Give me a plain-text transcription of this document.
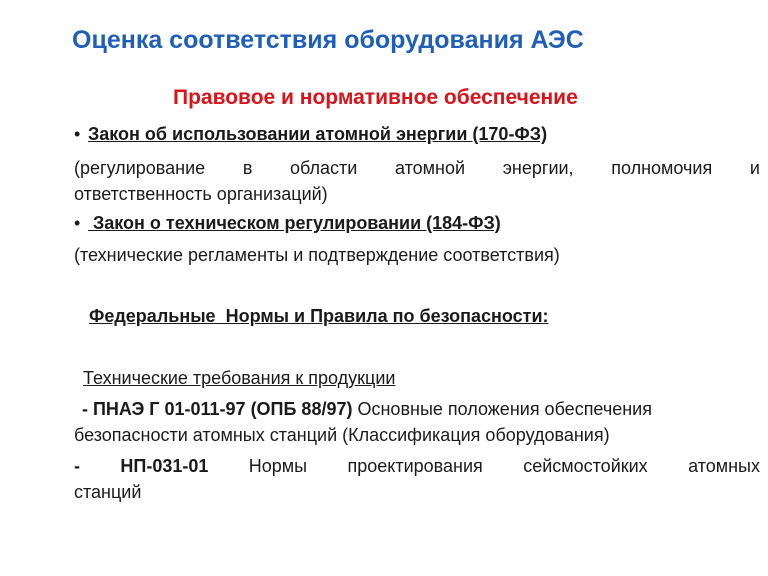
Оценка соответствия оборудования АЭС
Правовое и нормативное обеспечение
• Закон об использовании атомной энергии (170-ФЗ)
(регулирование в области атомной энергии, полномочия и
ответственность организаций)
• Закон о техническом регулировании (184-ФЗ)
(технические регламенты и подтверждение соответствия)
Федеральные  Нормы и Правила по безопасности:
Технические требования к продукции
- ПНАЭ Г 01-011-97 (ОПБ 88/97) Основные положения обеспечения
безопасности атомных станций (Классификация оборудования)
- НП-031-01 Нормы проектирования сейсмостойких атомных
станций
